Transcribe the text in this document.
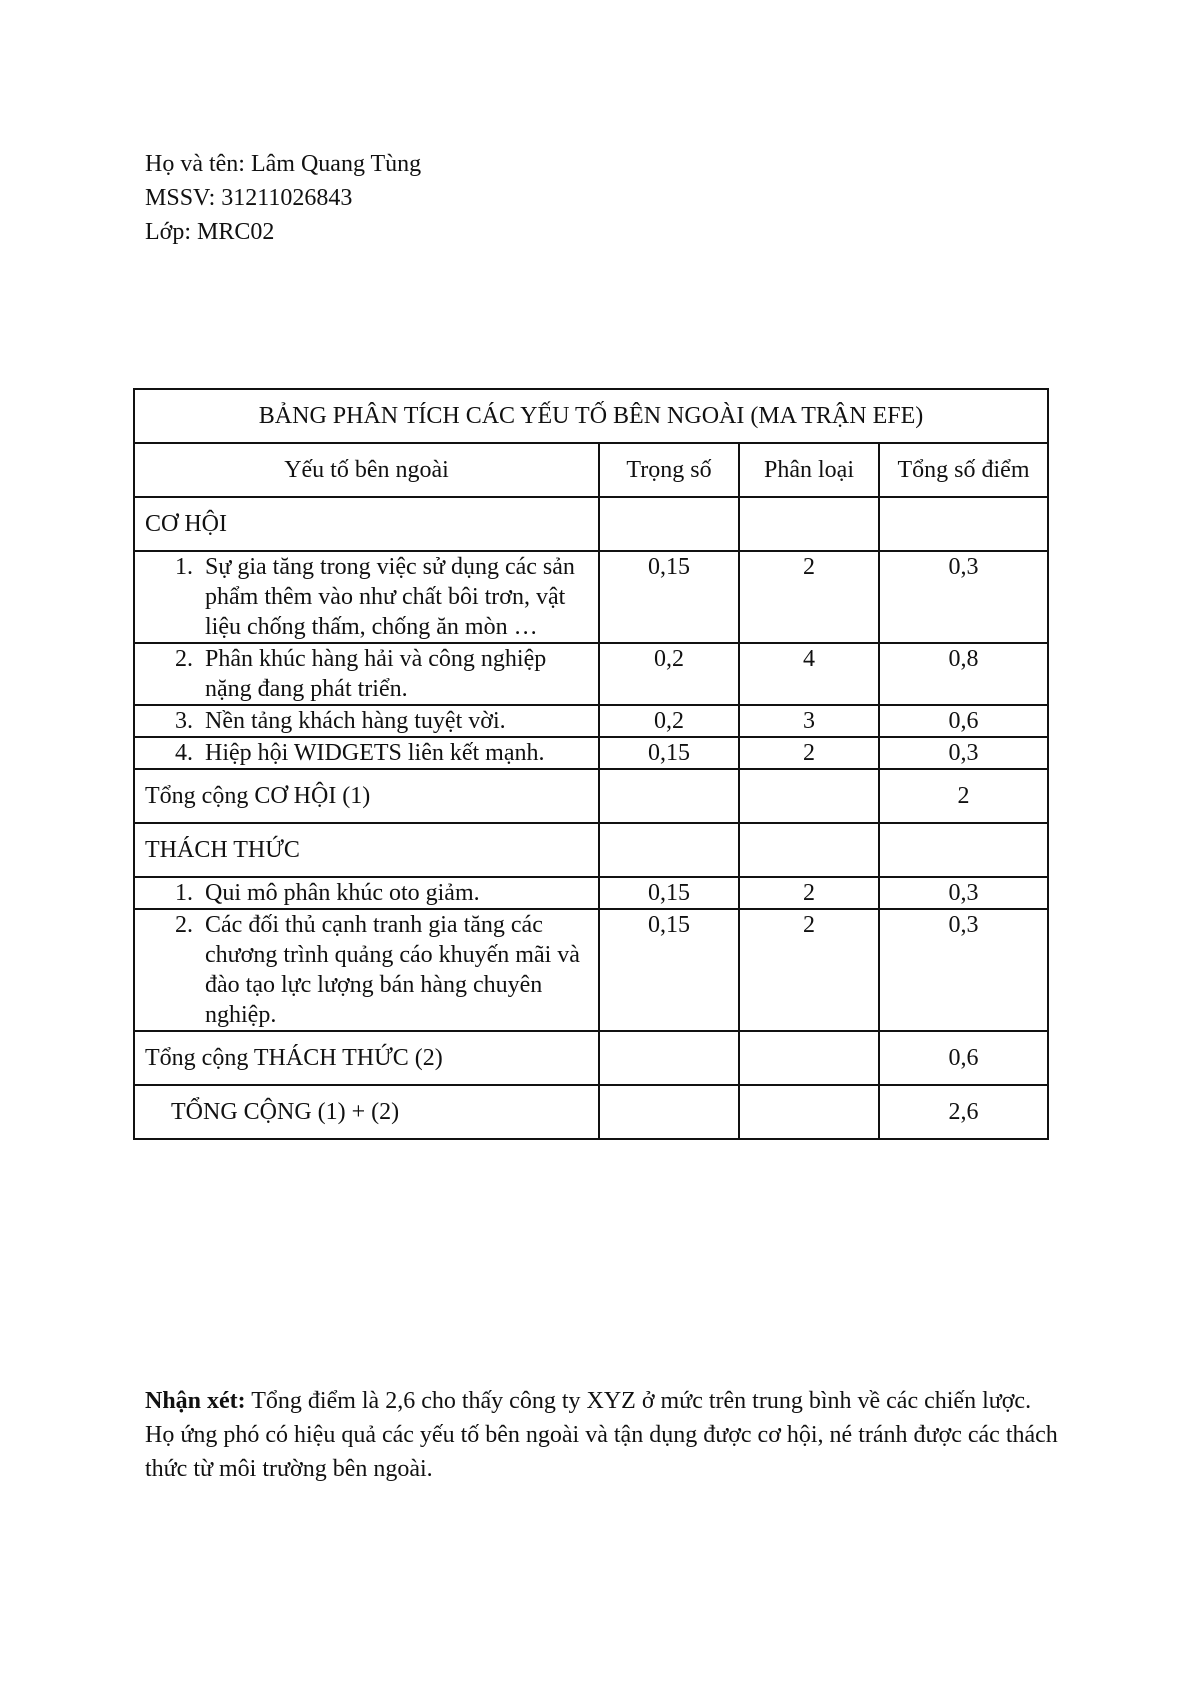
Họ và tên: Lâm Quang Tùng
MSSV: 31211026843
Lớp: MRC02
BẢNG PHÂN TÍCH CÁC YẾU TỐ BÊN NGOÀI (MA TRẬN EFE)			
Yếu tố bên ngoài	Trọng số	Phân loại	Tổng số điểm
CƠ HỘI			

1. Sự gia tăng trong việc sử dụng các sản phẩm thêm vào như chất bôi trơn, vật liệu chống thấm, chống ăn mòn …	0,15	2	0,3

2. Phân khúc hàng hải và công nghiệp nặng đang phát triển.	0,2	4	0,8

3. Nền tảng khách hàng tuyệt vời.	0,2	3	0,6

4. Hiệp hội WIDGETS liên kết mạnh.	0,15	2	0,3
Tổng cộng CƠ HỘI (1)			2
THÁCH THỨC			

1. Qui mô phân khúc oto giảm.	0,15	2	0,3

2. Các đối thủ cạnh tranh gia tăng các chương trình quảng cáo khuyến mãi và đào tạo lực lượng bán hàng chuyên nghiệp.	0,15	2	0,3
Tổng cộng THÁCH THỨC (2)			0,6
TỔNG CỘNG (1) + (2)			2,6
Nhận xét: Tổng điểm là 2,6 cho thấy công ty XYZ ở mức trên trung bình về các chiến lược. Họ ứng phó có hiệu quả các yếu tố bên ngoài và tận dụng được cơ hội, né tránh được các thách thức từ môi trường bên ngoài.
